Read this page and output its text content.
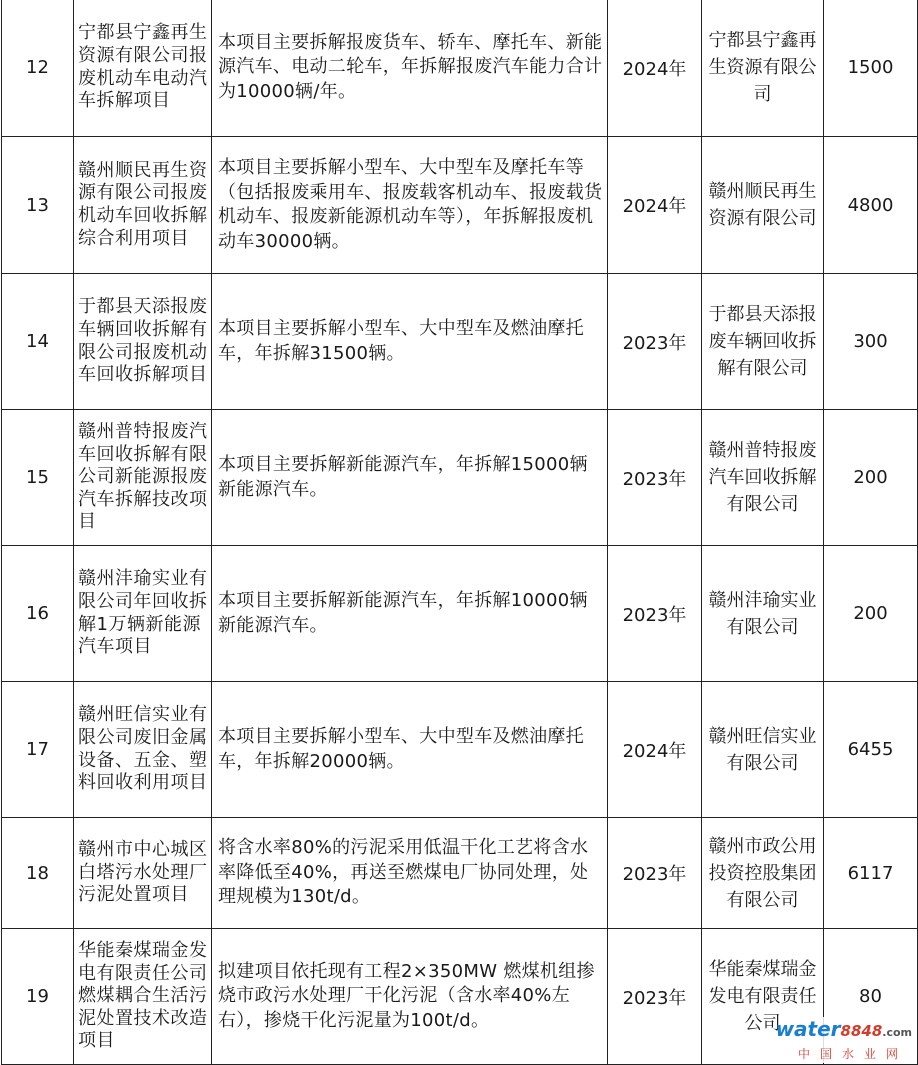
12	宁都县宁鑫再生资源有限公司报废机动车电动汽车拆解项目	本项目主要拆解报废货车、轿车、摩托车、新能源汽车、电动二轮车，年拆解报废汽车能力合计为10000辆/年。	2024年	宁都县宁鑫再生资源有限公司	1500
13	赣州顺民再生资源有限公司报废机动车回收拆解综合利用项目	本项目主要拆解小型车、大中型车及摩托车等（包括报废乘用车、报废载客机动车、报废载货机动车、报废新能源机动车等），年拆解报废机动车30000辆。	2024年	赣州顺民再生资源有限公司	4800
14	于都县天添报废车辆回收拆解有限公司报废机动车回收拆解项目	本项目主要拆解小型车、大中型车及燃油摩托车，年拆解31500辆。	2023年	于都县天添报废车辆回收拆解有限公司	300
15	赣州普特报废汽车回收拆解有限公司新能源报废汽车拆解技改项目	本项目主要拆解新能源汽车，年拆解15000辆新能源汽车。	2023年	赣州普特报废汽车回收拆解有限公司	200
16	赣州沣瑜实业有限公司年回收拆解1万辆新能源汽车项目	本项目主要拆解新能源汽车，年拆解10000辆新能源汽车。	2023年	赣州沣瑜实业有限公司	200
17	赣州旺信实业有限公司废旧金属设备、五金、塑料回收利用项目	本项目主要拆解小型车、大中型车及燃油摩托车，年拆解20000辆。	2024年	赣州旺信实业有限公司	6455
18	赣州市中心城区白塔污水处理厂污泥处置项目	将含水率80%的污泥采用低温干化工艺将含水率降低至40%，再送至燃煤电厂协同处理，处理规模为130t/d。	2023年	赣州市政公用投资控股集团有限公司	6117
19	华能秦煤瑞金发电有限责任公司燃煤耦合生活污泥处置技术改造项目	拟建项目依托现有工程2×350MW 燃煤机组掺烧市政污水处理厂干化污泥（含水率40%左右），掺烧干化污泥量为100t/d。	2023年	华能秦煤瑞金发电有限责任公司	80
water8848.com
中国水业网
